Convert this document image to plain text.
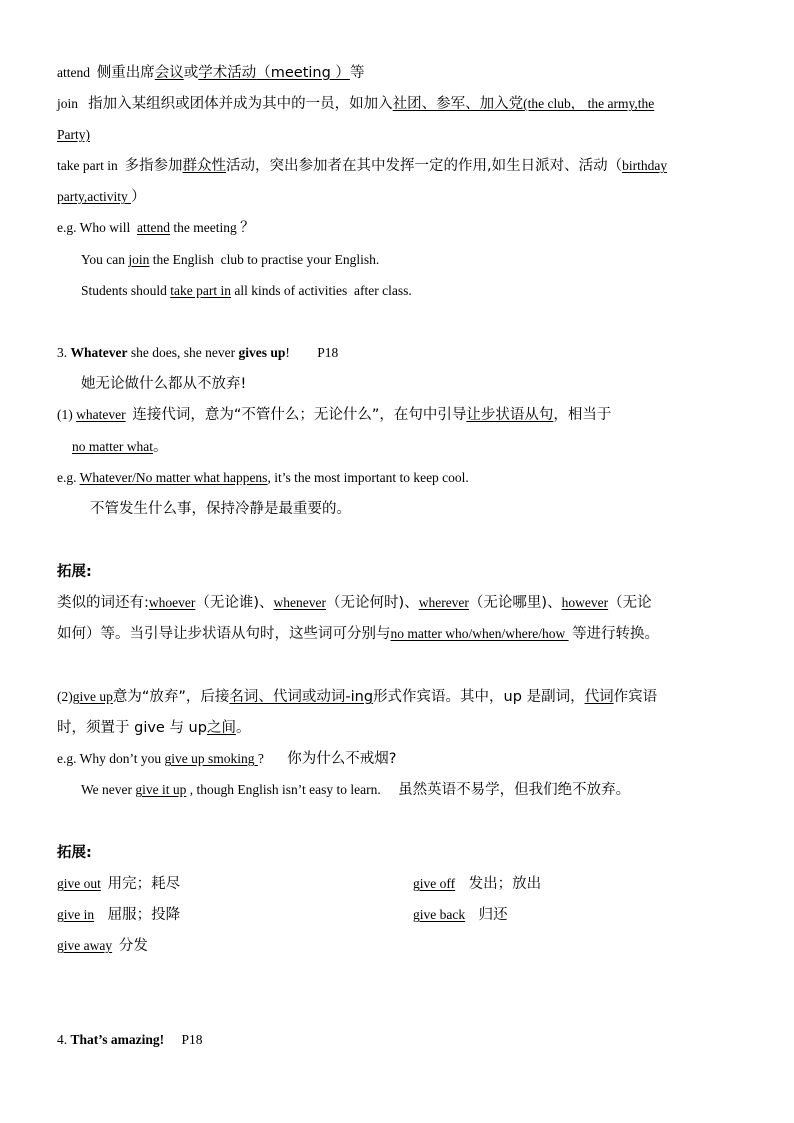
attend 侧重出席会议或学术活动（meeting ）等
join 指加入某组织或团体并成为其中的一员，如加入社团、参军、加入党(the club， the army,the
Party)
take part in 多指参加群众性活动，突出参加者在其中发挥一定的作用,如生日派对、活动（birthday
party,activity ）
e.g. Who will attend the meeting ？
You can join the English club to practise your English.
Students should take part in all kinds of activities after class.
3. Whatever she does, she never gives up! P18
她无论做什么都从不放弃!
(1) whatever 连接代词，意为“不管什么；无论什么”，在句中引导让步状语从句，相当于
no matter what。
e.g. Whatever/No matter what happens, it’s the most important to keep cool.
不管发生什么事，保持冷静是最重要的。
拓展:
类似的词还有:whoever（无论谁)、whenever（无论何时)、wherever（无论哪里)、however（无论
如何）等。当引导让步状语从句时，这些词可分别与no matter who/when/where/how  等进行转换。
(2)give up意为“放弃”，后接名词、代词或动词-ing形式作宾语。其中，up 是副词，代词作宾语
时，须置于 give 与 up之间。
e.g. Why don’t you give up smoking ? 你为什么不戒烟?
We never give it up , though English isn’t easy to learn. 虽然英语不易学，但我们绝不放弃。
拓展:
give out 用完；耗尽	give off 发出；放出
give in 屈服；投降	give back 归还
give away 分发
4. That’s amazing! P18
